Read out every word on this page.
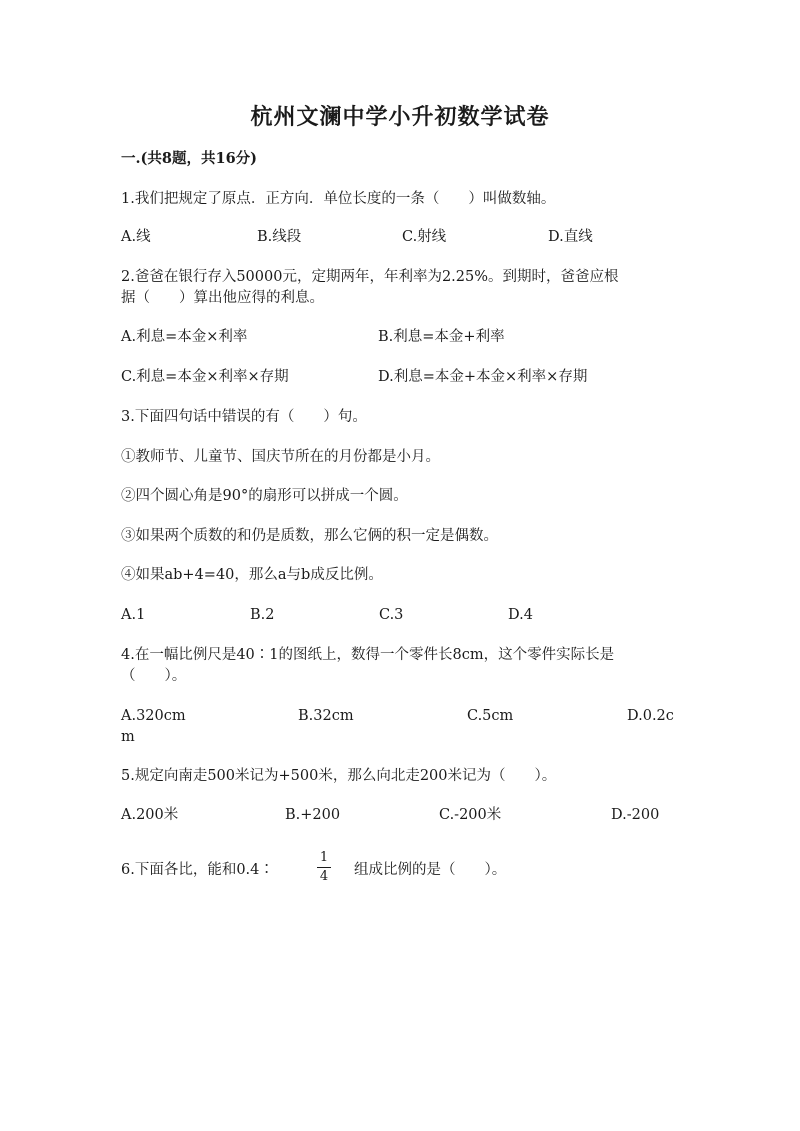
杭州文澜中学小升初数学试卷
一.(共8题，共16分)
1.我们把规定了原点．正方向．单位长度的一条（　　）叫做数轴。
A.线	B.线段	C.射线	D.直线
2.爸爸在银行存入50000元，定期两年，年利率为2.25%。到期时，爸爸应根
据（　　）算出他应得的利息。
A.利息=本金×利率	B.利息=本金+利率
C.利息=本金×利率×存期	D.利息=本金+本金×利率×存期
3.下面四句话中错误的有（　　）句。
①教师节、儿童节、国庆节所在的月份都是小月。
②四个圆心角是90°的扇形可以拼成一个圆。
③如果两个质数的和仍是质数，那么它俩的积一定是偶数。
④如果ab+4=40，那么a与b成反比例。
A.1	B.2	C.3	D.4
4.在一幅比例尺是40∶1的图纸上，数得一个零件长8cm，这个零件实际长是
（　　）。
A.320cm	B.32cm	C.5cm	D.0.2c
m
5.规定向南走500米记为+500米，那么向北走200米记为（　　）。
A.200米	B.+200	C.-200米	D.-200
6.下面各比，能和0.4∶
1
4	组成比例的是（　　）。
